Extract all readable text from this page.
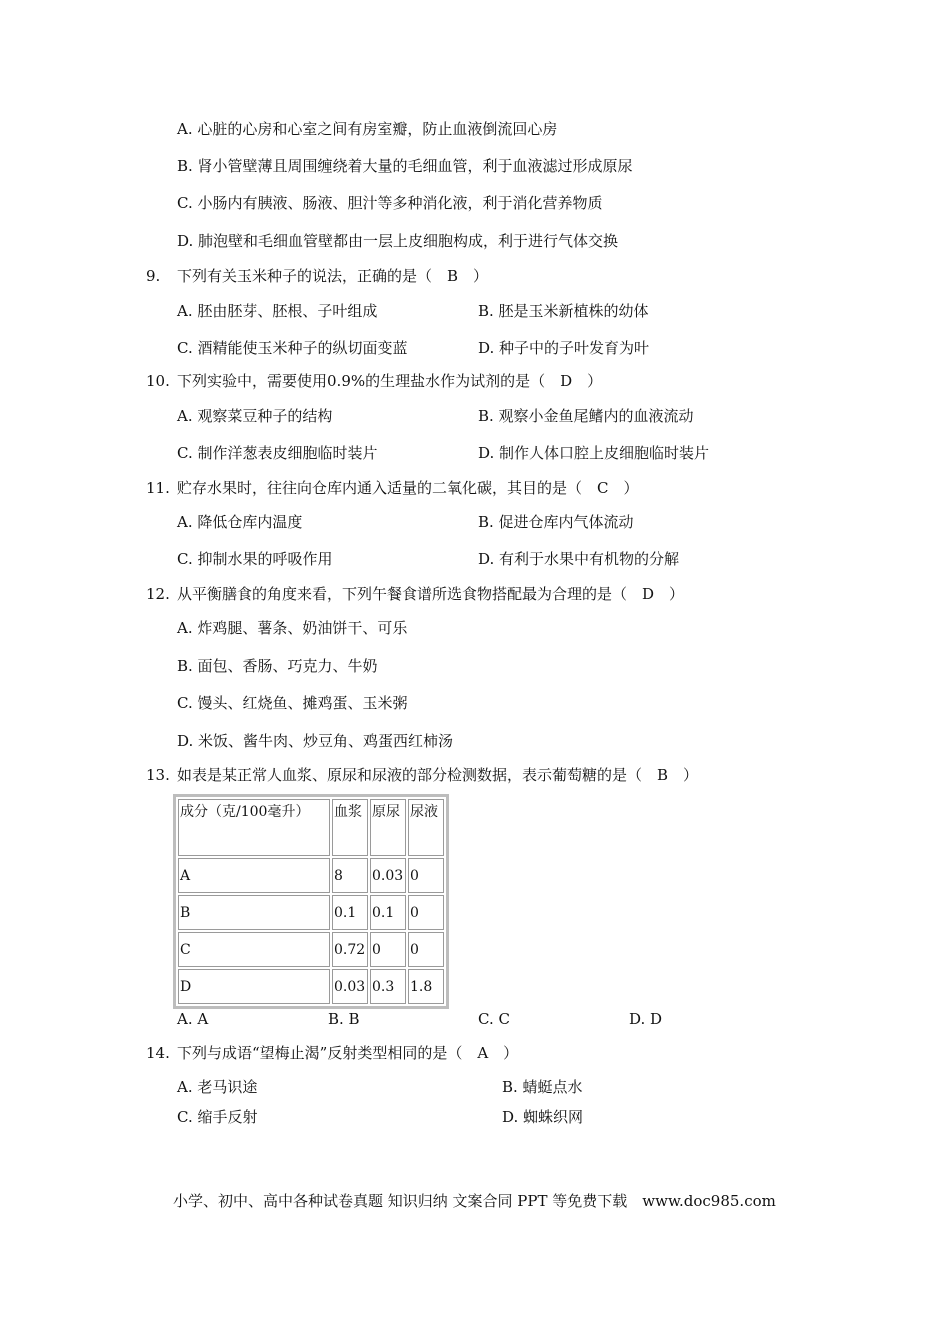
A. 心脏的心房和心室之间有房室瓣，防止血液倒流回心房
B. 肾小管壁薄且周围缠绕着大量的毛细血管，利于血液滤过形成原尿
C. 小肠内有胰液、肠液、胆汁等多种消化液，利于消化营养物质
D. 肺泡壁和毛细血管壁都由一层上皮细胞构成，利于进行气体交换
9. 下列有关玉米种子的说法，正确的是（　B　）
A. 胚由胚芽、胚根、子叶组成	B. 胚是玉米新植株的幼体
C. 酒精能使玉米种子的纵切面变蓝	D. 种子中的子叶发育为叶
10. 下列实验中，需要使用0.9%的生理盐水作为试剂的是（　D　）
A. 观察菜豆种子的结构	B. 观察小金鱼尾鳍内的血液流动
C. 制作洋葱表皮细胞临时装片	D. 制作人体口腔上皮细胞临时装片
11. 贮存水果时，往往向仓库内通入适量的二氧化碳，其目的是（　C　）
A. 降低仓库内温度	B. 促进仓库内气体流动
C. 抑制水果的呼吸作用	D. 有利于水果中有机物的分解
12. 从平衡膳食的角度来看，下列午餐食谱所选食物搭配最为合理的是（　D　）
A. 炸鸡腿、薯条、奶油饼干、可乐
B. 面包、香肠、巧克力、牛奶
C. 馒头、红烧鱼、摊鸡蛋、玉米粥
D. 米饭、酱牛肉、炒豆角、鸡蛋西红柿汤
13. 如表是某正常人血浆、原尿和尿液的部分检测数据，表示葡萄糖的是（　B　）
成分（克/100毫升）	血浆	原尿	尿液
A	8	0.03	0
B	0.1	0.1	0
C	0.72	0	0
D	0.03	0.3	1.8
A. A	B. B	C. C	D. D
14. 下列与成语“望梅止渴”反射类型相同的是（　A　）
A. 老马识途	B. 蜻蜓点水
C. 缩手反射	D. 蜘蛛织网
小学、初中、高中各种试卷真题 知识归纳 文案合同 PPT 等免费下载　www.doc985.com
